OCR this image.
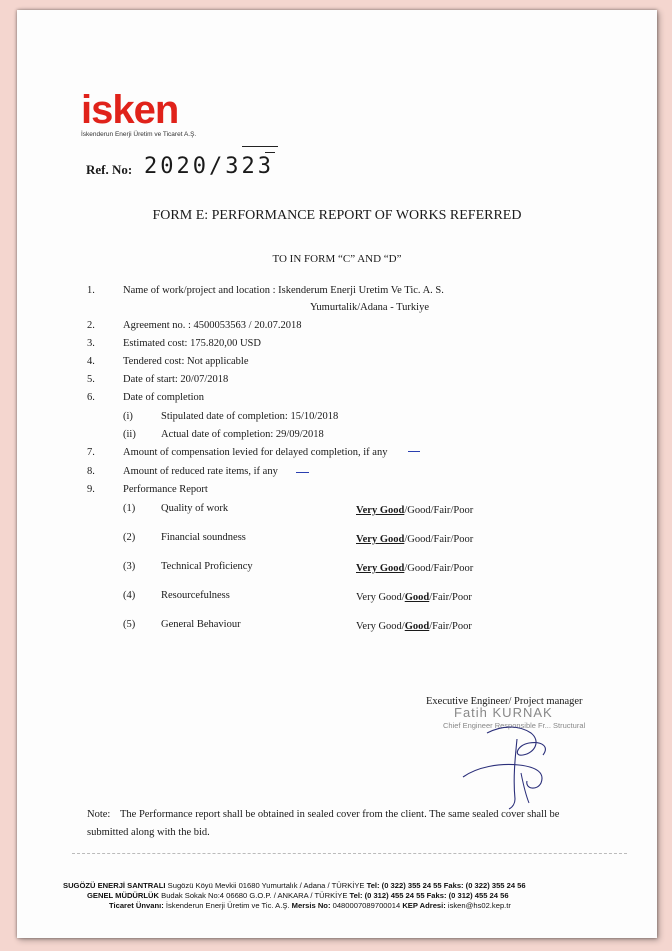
isken
İskenderun Enerji Üretim ve Ticaret A.Ş.
Ref. No: 2020/323
FORM E: PERFORMANCE REPORT OF WORKS REFERRED
TO IN FORM “C” AND “D”
1.	Name of work/project and location : Iskenderum Enerji Uretim Ve Tic. A. S.
Yumurtalik/Adana - Turkiye
2.	Agreement no. : 4500053563 / 20.07.2018
3.	Estimated cost: 175.820,00 USD
4.	Tendered cost: Not applicable
5.	Date of start: 20/07/2018
6.	Date of completion
(i)	Stipulated date of completion: 15/10/2018
(ii) Actual date of completion: 29/09/2018
7.	Amount of compensation levied for delayed completion, if any
8.	Amount of reduced rate items, if any
9.	Performance Report
(1) Quality of work	Very Good/Good/Fair/Poor
(2) Financial soundness	Very Good/Good/Fair/Poor
(3) Technical Proficiency	Very Good/Good/Fair/Poor
(4) Resourcefulness	Very Good/Good/Fair/Poor
(5) General Behaviour	Very Good/Good/Fair/Poor
Fatih KURNAK
Chief Engineer Responsible Fr... Structural
Executive Engineer/ Project manager
Note: The Performance report shall be obtained in sealed cover from the client. The same sealed cover shall be
submitted along with the bid.
SUGÖZÜ ENERJİ SANTRALI Sugözü Köyü Mevkii 01680 Yumurtalık / Adana / TÜRKİYE Tel: (0 322) 355 24 55 Faks: (0 322) 355 24 56
GENEL MÜDÜRLÜK Budak Sokak No:4 06680 G.O.P. / ANKARA / TÜRKİYE Tel: (0 312) 455 24 55 Faks: (0 312) 455 24 56
Ticaret Ünvanı: İskenderun Enerji Üretim ve Tic. A.Ş. Mersis No: 0480007089700014 KEP Adresi: isken@hs02.kep.tr
